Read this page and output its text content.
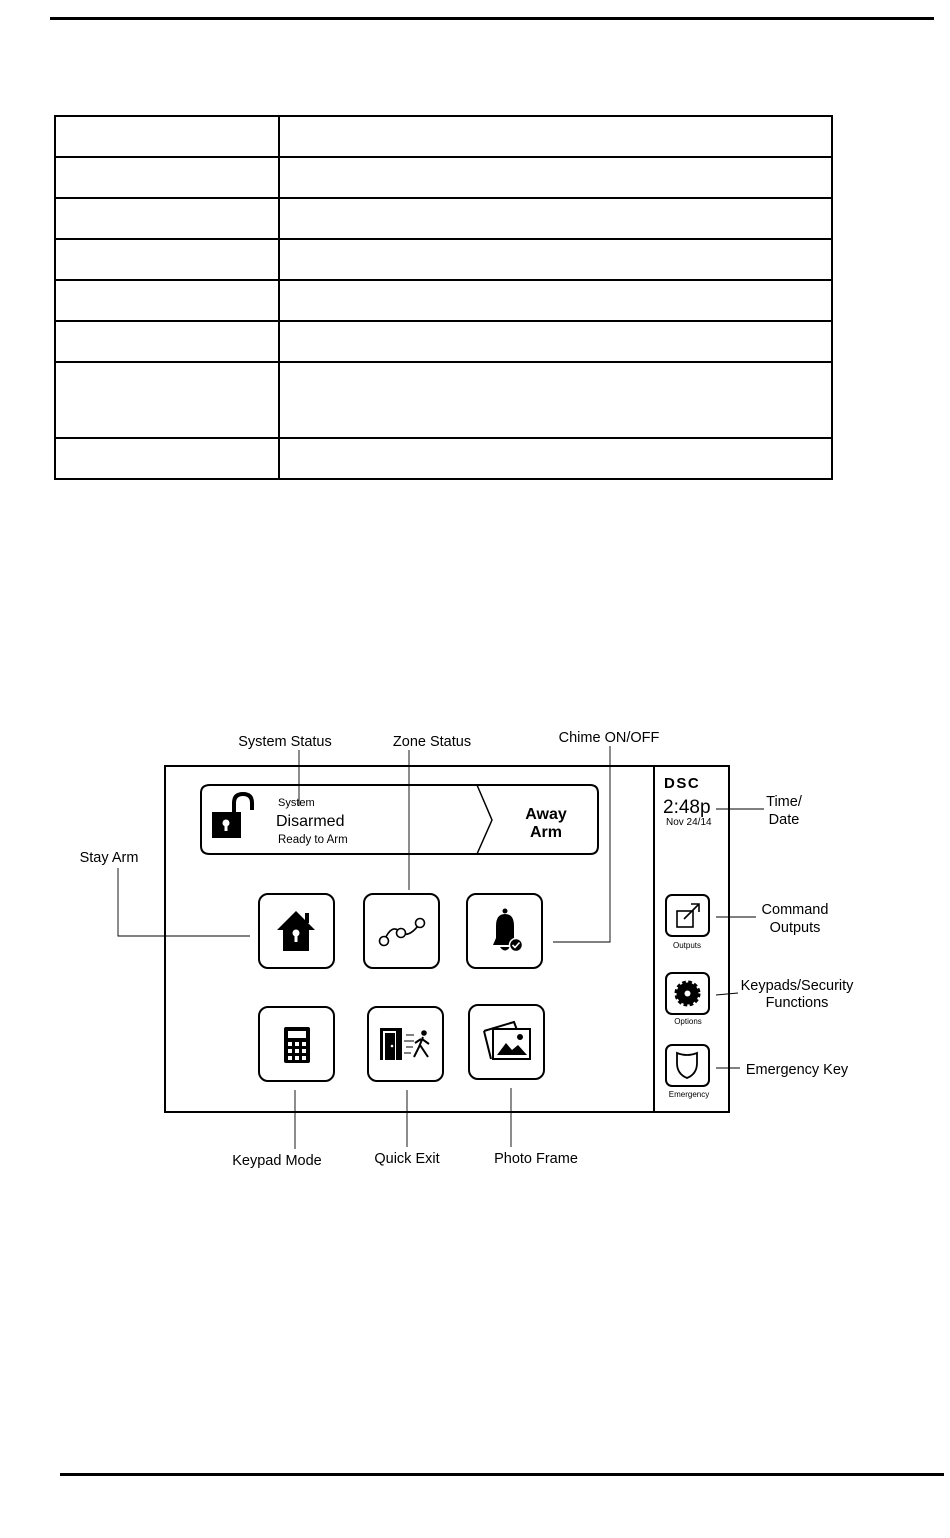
System
Disarmed
Ready to Arm
Away
Arm
DSC
2:48p
Nov 24/14
Outputs
Options
Emergency
System Status	Zone Status	Chime ON/OFF
Stay Arm
Time/
Date
Command
Outputs
Keypads/Security
Functions
Emergency Key
Keypad Mode	Quick Exit	Photo Frame
